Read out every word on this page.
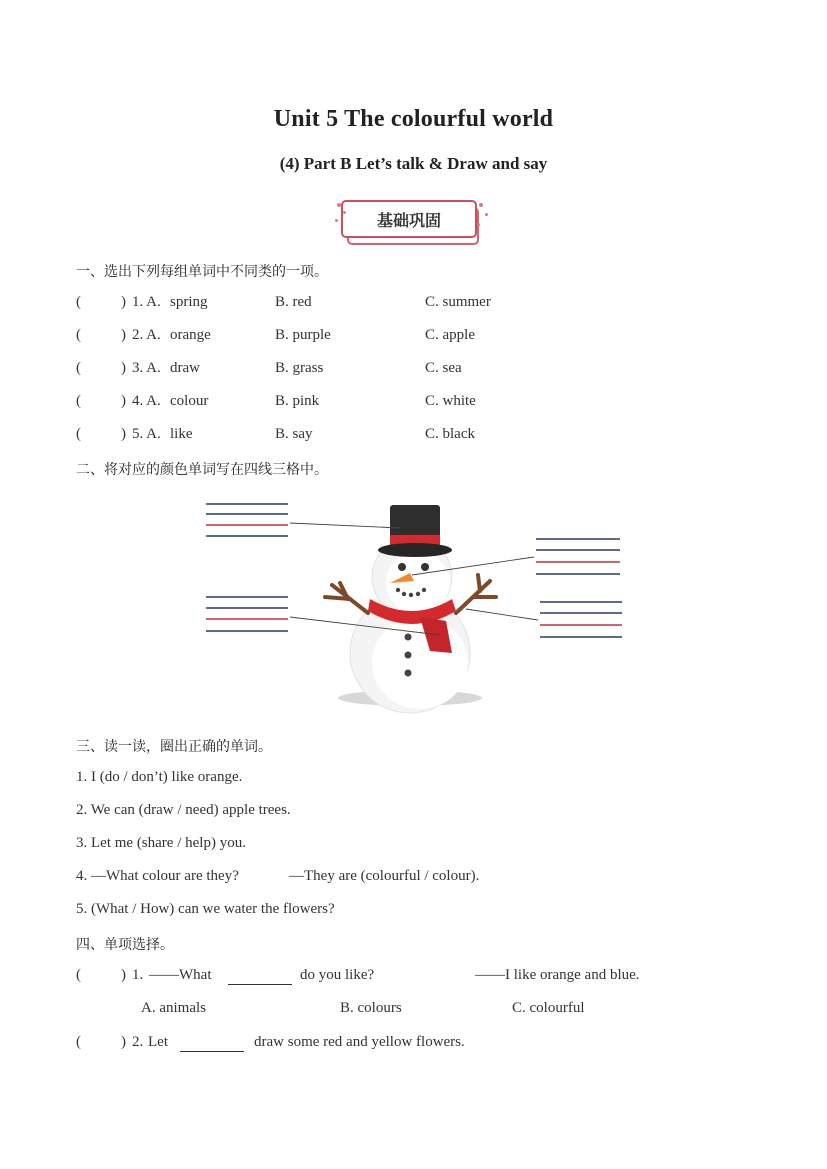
Unit 5 The colourful world
(4) Part B Let’s talk & Draw and say
基础巩固
一、选出下列每组单词中不同类的一项。
(	) 1. A. spring	B. red	C. summer
(	) 2. A. orange	B. purple	C. apple
(	) 3. A. draw	B. grass	C. sea
(	) 4. A. colour	B. pink	C. white
(	) 5. A. like	B. say	C. black
二、将对应的颜色单词写在四线三格中。
三、读一读，圈出正确的单词。
1. I (do / don’t) like orange.
2. We can (draw / need) apple trees.
3. Let me (share / help) you.
4. —What colour are they?	—They are (colourful / colour).
5. (What / How) can we water the flowers?
四、单项选择。
(	) 1. ——What	do you like?	——I like orange and blue.
A. animals	B. colours	C. colourful
(	) 2. Let	draw some red and yellow flowers.
